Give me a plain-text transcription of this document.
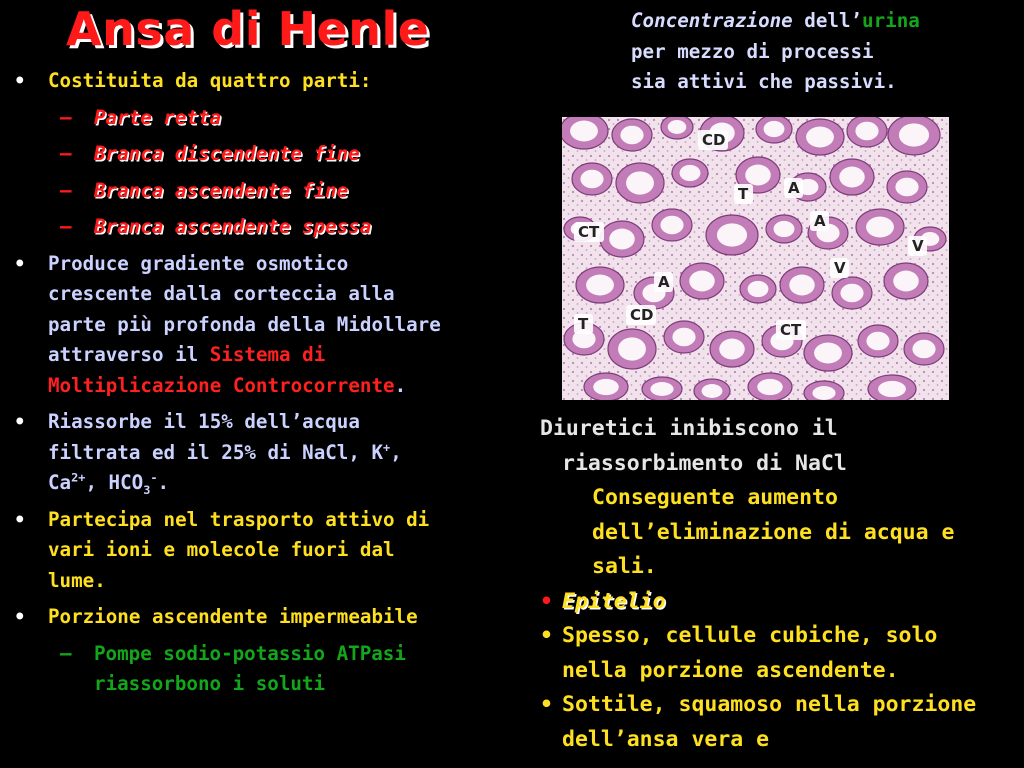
Ansa di Henle
• Costituita da quattro parti:
– Parte retta
– Branca discendente fine
– Branca ascendente fine
– Branca ascendente spessa
• Produce gradiente osmotico crescente dalla corteccia alla parte più profonda della Midollare attraverso il Sistema di Moltiplicazione Controcorrente.
• Riassorbe il 15% dell’acqua filtrata ed il 25% di NaCl, K+, $Ca^{2+}$, $HCO_3^-$.
• Partecipa nel trasporto attivo di vari ioni e molecole fuori dal lume.
• Porzione ascendente impermeabile
– Pompe sodio-potassio ATPasi riassorbono i soluti
Concentrazione dell’urina
per mezzo di processi
sia attivi che passivi.
CD
T	A
A
CT
V
V
A
CD
T	CT
Diuretici inibiscono il
riassorbimento di NaCl
Conseguente aumento dell’eliminazione di acqua e sali.
• Epitelio
• Spesso, cellule cubiche, solo nella porzione ascendente.
• Sottile, squamoso nella porzione dell’ansa vera e
